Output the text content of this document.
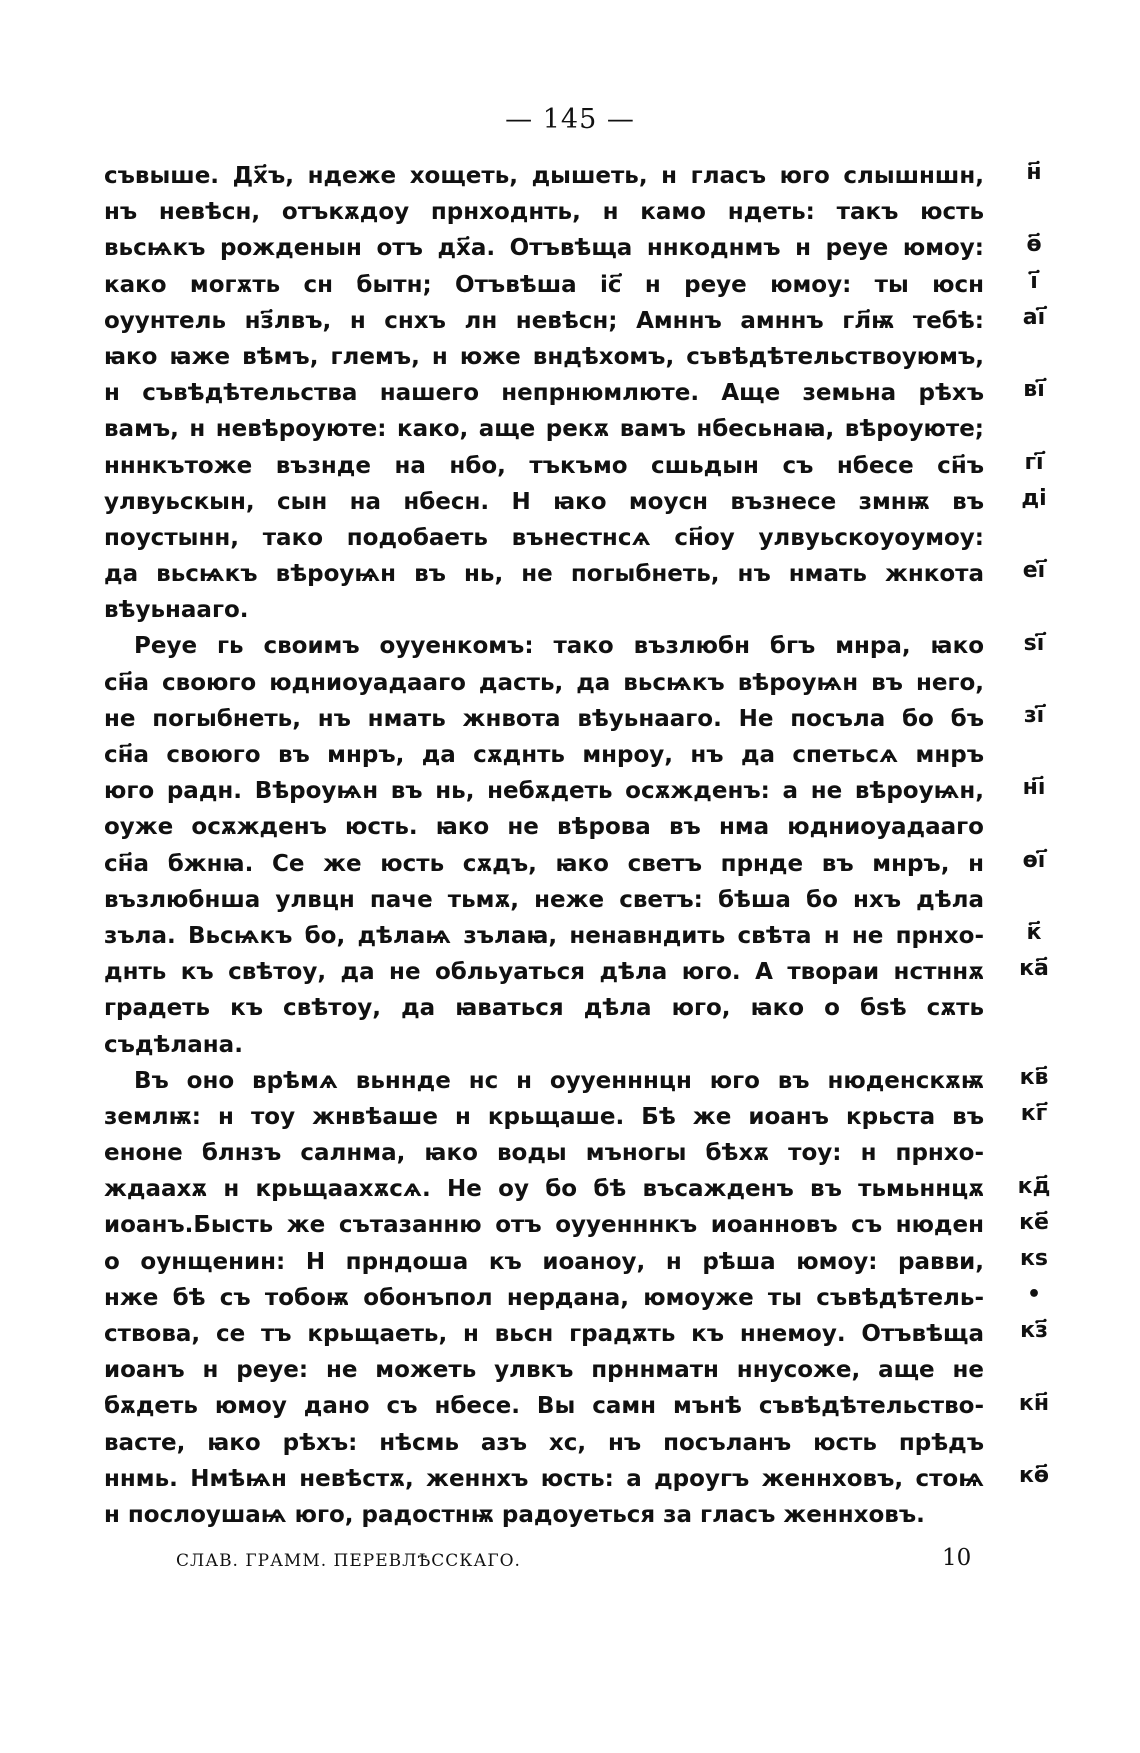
— 145 —
съвыше. Дх҃ъ, ндеже хощеть, дышеть, н гласъ юго слышншн,
нъ невѣсн, отъкѫдоу прнходнть, н камо ндеть: такъ юсть
вьсѩкъ рожденын отъ дх҃а. Отъвѣща ннкоднмъ н реуе юмоу:
како могѫть сн бытн; Отъвѣша іс҃ н реуе юмоу: ты юсн
оуунтель нз҃лвъ, н снхъ лн невѣсн; Амннъ амннъ гл҃ѭ тебѣ:
ꙗко ꙗже вѣмъ, глемъ, н юже вндѣхомъ, съвѣдѣтельствоуюмъ,
н съвѣдѣтельства нашего непрнюмлюте. Аще земьна рѣхъ
вамъ, н невѣроуюте: како, аще рекѫ вамъ нбесьнаꙗ, вѣроуюте;
нннкътоже възнде на нбо, тъкъмо сшьдын съ нбесе сн҃ъ
улвуьскын, сын на нбесн. Н ꙗко моусн възнесе змнѭ въ
поустынн, тако подобаеть вънестнсѧ сн҃оу улвуьскоуоумоу:
да вьсѩкъ вѣроуѩн въ нь, не погыбнеть, нъ нмать жнкота
вѣуьнааго.
Реуе гь своимъ оууенкомъ: тако възлюбн бгъ мнра, ꙗко
сн҃а своюго юдниоуадааго дасть, да вьсѩкъ вѣроуѩн въ него,
не погыбнеть, нъ нмать жнвота вѣуьнааго. Не посъла бо бъ
сн҃а своюго въ мнръ, да сѫднть мнроу, нъ да спетьсѧ мнръ
юго радн. Вѣроуѩн въ нь, небѫдеть осѫжденъ: а не вѣроуѩн,
оуже осѫжденъ юсть. ꙗко не вѣрова въ нма юдниоуадааго
сн҃а бжнꙗ. Се же юсть сѫдъ, ꙗко светъ прнде въ мнръ, н
възлюбнша улвцн паче тьмѫ, неже светъ: бѣша бо нхъ дѣла
зъла. Вьсѩкъ бо, дѣлаѩ зълаꙗ, ненавндить свѣта н не прнхо-
днть къ свѣтоу, да не обльуаться дѣла юго. А твораи нстннѫ
градеть къ свѣтоу, да ꙗваться дѣла юго, ꙗко о бѕѣ сѫть
съдѣлана.
Въ оно врѣмѧ вьнндe нс н оууенннцн юго въ нюденскѫѭ
землѭ: н тоу жнвѣаше н крьщаше. Бѣ же иоанъ крьста въ
еноне блнзъ салнма, ꙗко воды мъногы бѣхѫ тоу: н прнхо-
ждаахѫ н крьщаахѫсѧ. Не оу бо бѣ въсажденъ въ тьмьннцѫ
иоанъ.Бысть же сътазанню отъ оууенннкъ иоанновъ съ нюден
о оунщенин: Н прндоша къ иоаноу, н рѣша юмоу: равви,
нже бѣ съ тобоѭ обонъпол нердана, юмоуже ты съвѣдѣтель-
ствова, се тъ крьщаеть, н вьсн градѫть къ ннемоу. Отъвѣща
иоанъ н реуе: не можеть улвкъ прннматн ннусоже, аще не
бѫдеть юмоу дано съ нбесе. Вы самн мънѣ съвѣдѣтельство-
вастe, ꙗко рѣхъ: нѣсмь азъ хс, нъ посъланъ юсть прѣдъ
ннмь. Нмѣѩн невѣстѫ, женнхъ юсть: а дроугъ женнховъ, стоѩ
н послоушаѩ юго, радостнѭ радоуеться за гласъ женнховъ.
н҃
ѳ҃
і҃
аі҃
ві҃
гі҃
ді
еі҃
ѕі҃
зі҃
нı҃
ѳі҃
к҃
ка҃
кв҃
кг҃
кд҃
ке҃
кѕ
•
кз҃
кн҃
кѳ҃
СЛАВ. ГРАММ. ПЕРЕВЛѢССКАГО.	10
